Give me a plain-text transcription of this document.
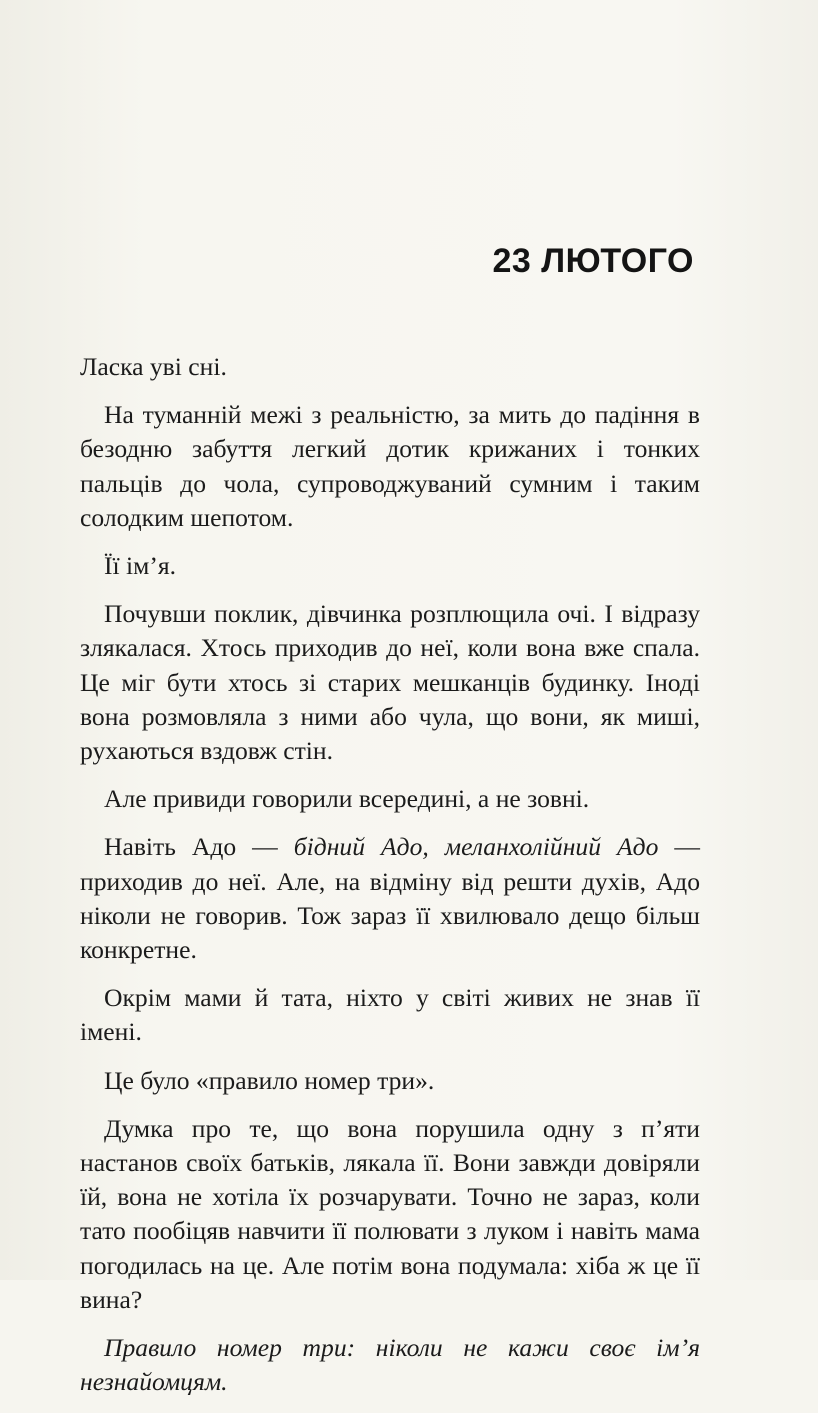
23 ЛЮТОГО

Ласка уві сні.

На туманній межі з реальністю, за мить до падіння в безодню забуття легкий дотик крижаних і тонких пальців до чола, супроводжуваний сумним і таким солодким шепотом.

Її ім’я.

Почувши поклик, дівчинка розплющила очі. І відразу злякалася. Хтось приходив до неї, коли вона вже спала. Це міг бути хтось зі старих мешканців будинку. Іноді вона розмовляла з ними або чула, що вони, як миші, рухаються вздовж стін.

Але привиди говорили всередині, а не зовні.

Навіть Адо — бідний Адо, меланхолійний Адо — приходив до неї. Але, на відміну від решти духів, Адо ніколи не говорив. Тож зараз її хвилювало дещо більш конкретне.

Окрім мами й тата, ніхто у світі живих не знав її імені.

Це було «правило номер три».

Думка про те, що вона порушила одну з п’яти настанов своїх батьків, лякала її. Вони завжди довіряли їй, вона не хотіла їх розчарувати. Точно не зараз, коли тато пообіцяв навчити її полювати з луком і навіть мама погодилась на це. Але потім вона подумала: хіба ж це її вина?

Правило номер три: ніколи не кажи своє ім’я незнайомцям.
